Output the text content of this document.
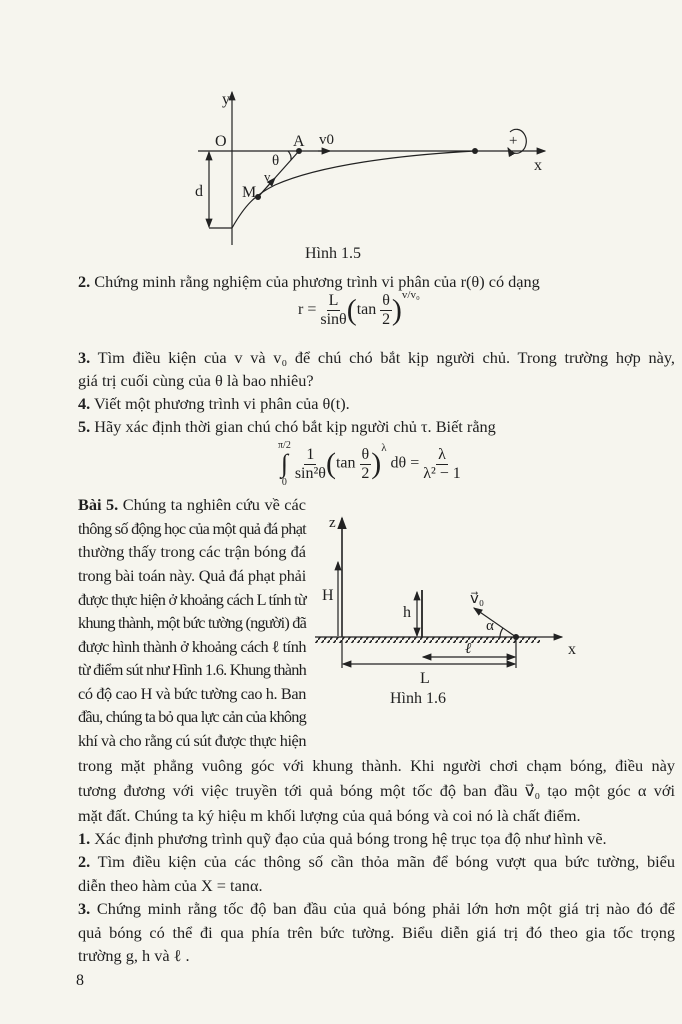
y
x
O	A v0
θ
v
M
d
+
z
x
H
h
v⃗₀
α
ℓ
L
Hình 1.5
Hình 1.6
2. Chứng minh rằng nghiệm của phương trình vi phân của r(θ) có dạng
$r = \frac{L}{\sin\theta} (\tan \frac{\theta}{2} )^{v/v_0}$
3. Tìm điều kiện của v và v₀ để chú chó bắt kịp người chủ. Trong trường hợp này,
giá trị cuối cùng của θ là bao nhiêu?
4. Viết một phương trình vi phân của θ(t).
5. Hãy xác định thời gian chú chó bắt kịp người chủ τ. Biết rằng
π/2
∫
0
$\frac{1}{\text{sin²θ}} (\tan \frac{\theta}{2} )^\lambda$ $d\theta = \frac{\lambda}{\text{λ² − 1}}$
Bài 5. Chúng ta nghiên cứu về các
thông số động học của một quả đá phạt
thường thấy trong các trận bóng đá
trong bài toán này. Quả đá phạt phải
được thực hiện ở khoảng cách L tính từ
khung thành, một bức tường (người) đã
được hình thành ở khoảng cách ℓ tính
từ điểm sút như Hình 1.6. Khung thành
có độ cao H và bức tường cao h. Ban
đầu, chúng ta bỏ qua lực cản của không
khí và cho rằng cú sút được thực hiện
trong mặt phẳng vuông góc với khung thành. Khi người chơi chạm bóng, điều này
tương đương với việc truyền tới quả bóng một tốc độ ban đầu v⃗₀ tạo một góc α với
mặt đất. Chúng ta ký hiệu m khối lượng của quả bóng và coi nó là chất điểm.
1. Xác định phương trình quỹ đạo của quả bóng trong hệ trục tọa độ như hình vẽ.
2. Tìm điều kiện của các thông số cần thỏa mãn để bóng vượt qua bức tường, biểu
diễn theo hàm của X = tanα.
3. Chứng minh rằng tốc độ ban đầu của quả bóng phải lớn hơn một giá trị nào đó để
quả bóng có thể đi qua phía trên bức tường. Biểu diễn giá trị đó theo gia tốc trọng
trường g, h và ℓ .
8
